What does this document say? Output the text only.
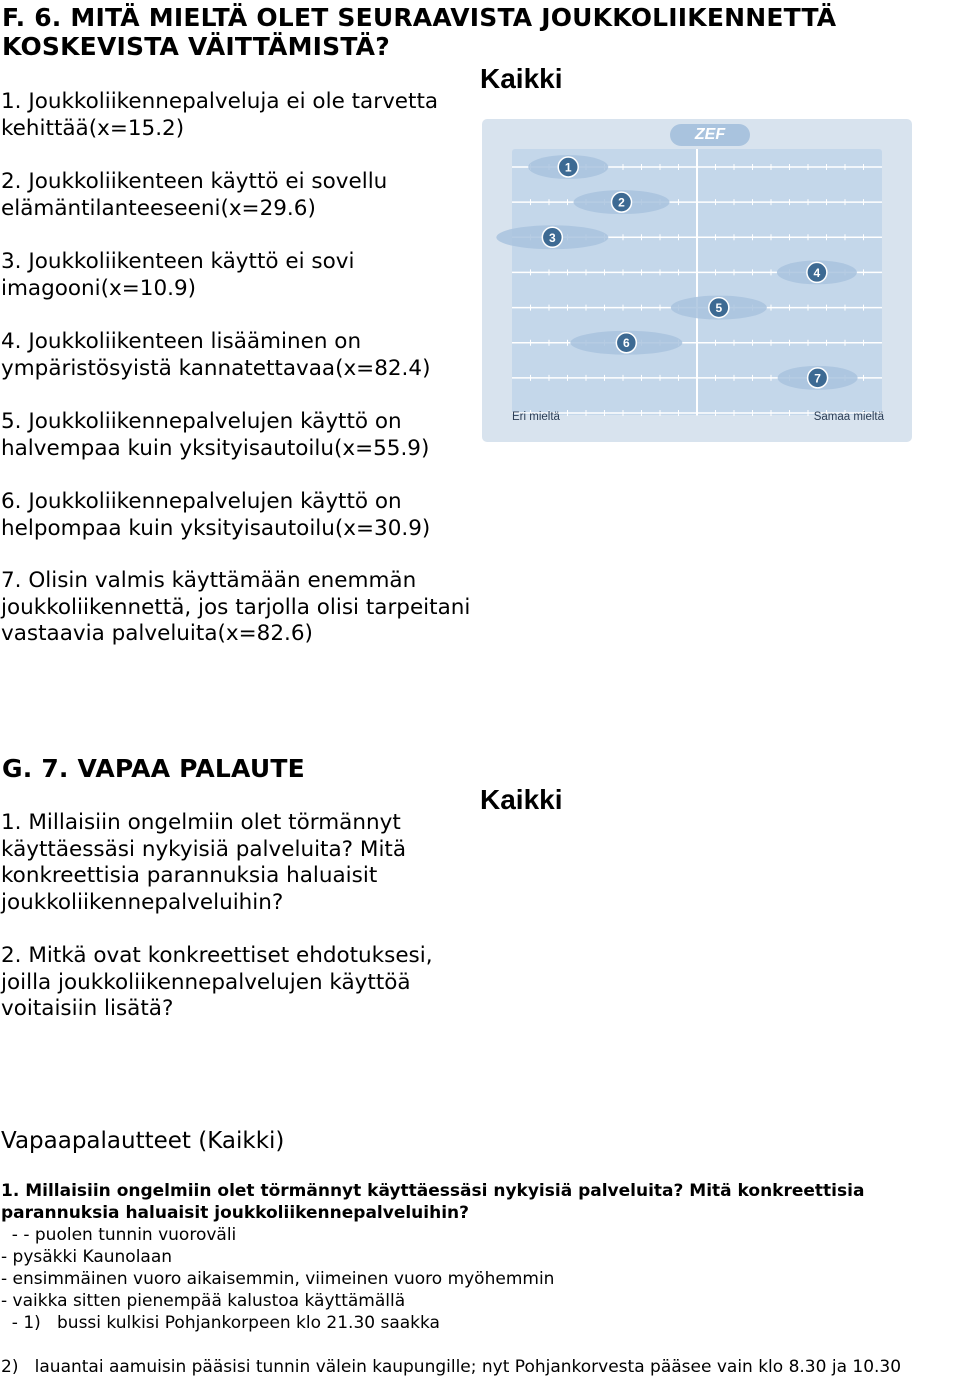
F. 6. MITÄ MIELTÄ OLET SEURAAVISTA JOUKKOLIIKENNETTÄ
KOSKEVISTA VÄITTÄMISTÄ?
Kaikki
1. Joukkoliikennepalveluja ei ole tarvetta
kehittää(x=15.2)
2. Joukkoliikenteen käyttö ei sovellu
elämäntilanteeseeni(x=29.6)
3. Joukkoliikenteen käyttö ei sovi
imagooni(x=10.9)
4. Joukkoliikenteen lisääminen on
ympäristösyistä kannatettavaa(x=82.4)
5. Joukkoliikennepalvelujen käyttö on
halvempaa kuin yksityisautoilu(x=55.9)
6. Joukkoliikennepalvelujen käyttö on
helpompaa kuin yksityisautoilu(x=30.9)
7. Olisin valmis käyttämään enemmän
joukkoliikennettä, jos tarjolla olisi tarpeitani
vastaavia palveluita(x=82.6)
ZEF
1
2
3
4
5
6
7
Eri mieltä	Samaa mieltä
G. 7. VAPAA PALAUTE
Kaikki
1. Millaisiin ongelmiin olet törmännyt
käyttäessäsi nykyisiä palveluita? Mitä
konkreettisia parannuksia haluaisit
joukkoliikennepalveluihin?
2. Mitkä ovat konkreettiset ehdotuksesi,
joilla joukkoliikennepalvelujen käyttöä
voitaisiin lisätä?
Vapaapalautteet (Kaikki)
1. Millaisiin ongelmiin olet törmännyt käyttäessäsi nykyisiä palveluita? Mitä konkreettisia parannuksia haluaisit joukkoliikennepalveluihin?
- - puolen tunnin vuoroväli
- pysäkki Kaunolaan
- ensimmäinen vuoro aikaisemmin, viimeinen vuoro myöhemmin
- vaikka sitten pienempää kalustoa käyttämällä
- 1)   bussi kulkisi Pohjankorpeen klo 21.30 saakka
2)   lauantai aamuisin pääsisi tunnin välein kaupungille; nyt Pohjankorvesta pääsee vain klo 8.30 ja 10.30
